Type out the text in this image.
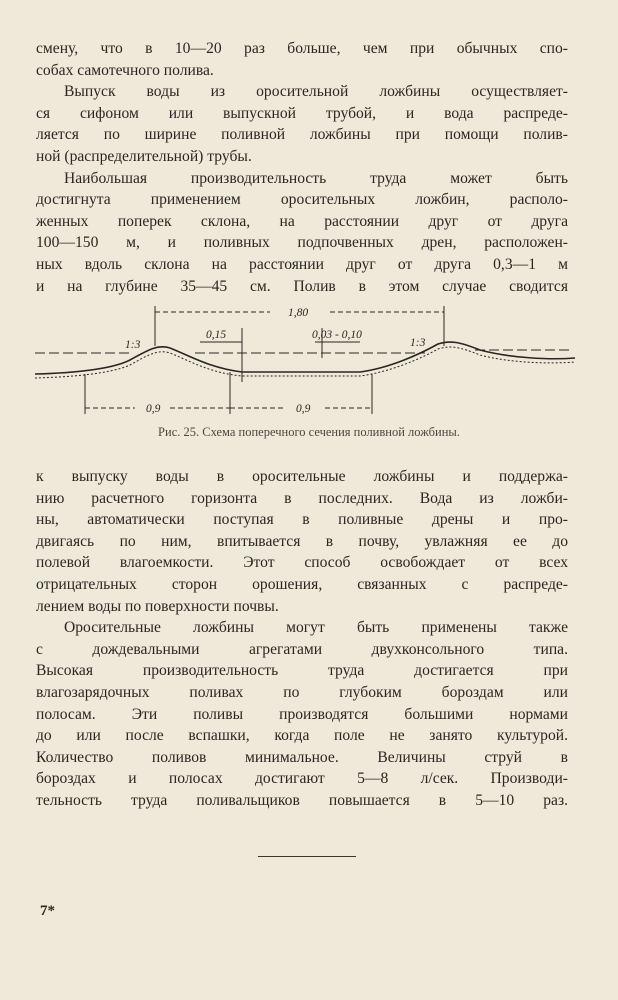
смену, что в 10—20 раз больше, чем при обычных спо-
собах самотечного полива.
Выпуск воды из оросительной ложбины осуществляет-
ся сифоном или выпускной трубой, и вода распреде-
ляется по ширине поливной ложбины при помощи полив-
ной (распределительной) трубы.
Наибольшая производительность труда может быть
достигнута применением оросительных ложбин, располо-
женных поперек склона, на расстоянии друг от друга
100—150 м, и поливных подпочвенных дрен, расположен-
ных вдоль склона на расстоянии друг от друга 0,3—1 м
и на глубине 35—45 см. Полив в этом случае сводится
1,80
0,15	0,03 - 0,10
1:3	1:3
0,9	0,9
Рис. 25. Схема поперечного сечения поливной ложбины.
к выпуску воды в оросительные ложбины и поддержа-
нию расчетного горизонта в последних. Вода из ложби-
ны, автоматически поступая в поливные дрены и про-
двигаясь по ним, впитывается в почву, увлажняя ее до
полевой влагоемкости. Этот способ освобождает от всех
отрицательных сторон орошения, связанных с распреде-
лением воды по поверхности почвы.
Оросительные ложбины могут быть применены также
с дождевальными агрегатами двухконсольного типа.
Высокая производительность труда достигается при
влагозарядочных поливах по глубоким бороздам или
полосам. Эти поливы производятся большими нормами
до или после вспашки, когда поле не занято культурой.
Количество поливов минимальное. Величины струй в
бороздах и полосах достигают 5—8 л/сек. Производи-
тельность труда поливальщиков повышается в 5—10 раз.
7*
